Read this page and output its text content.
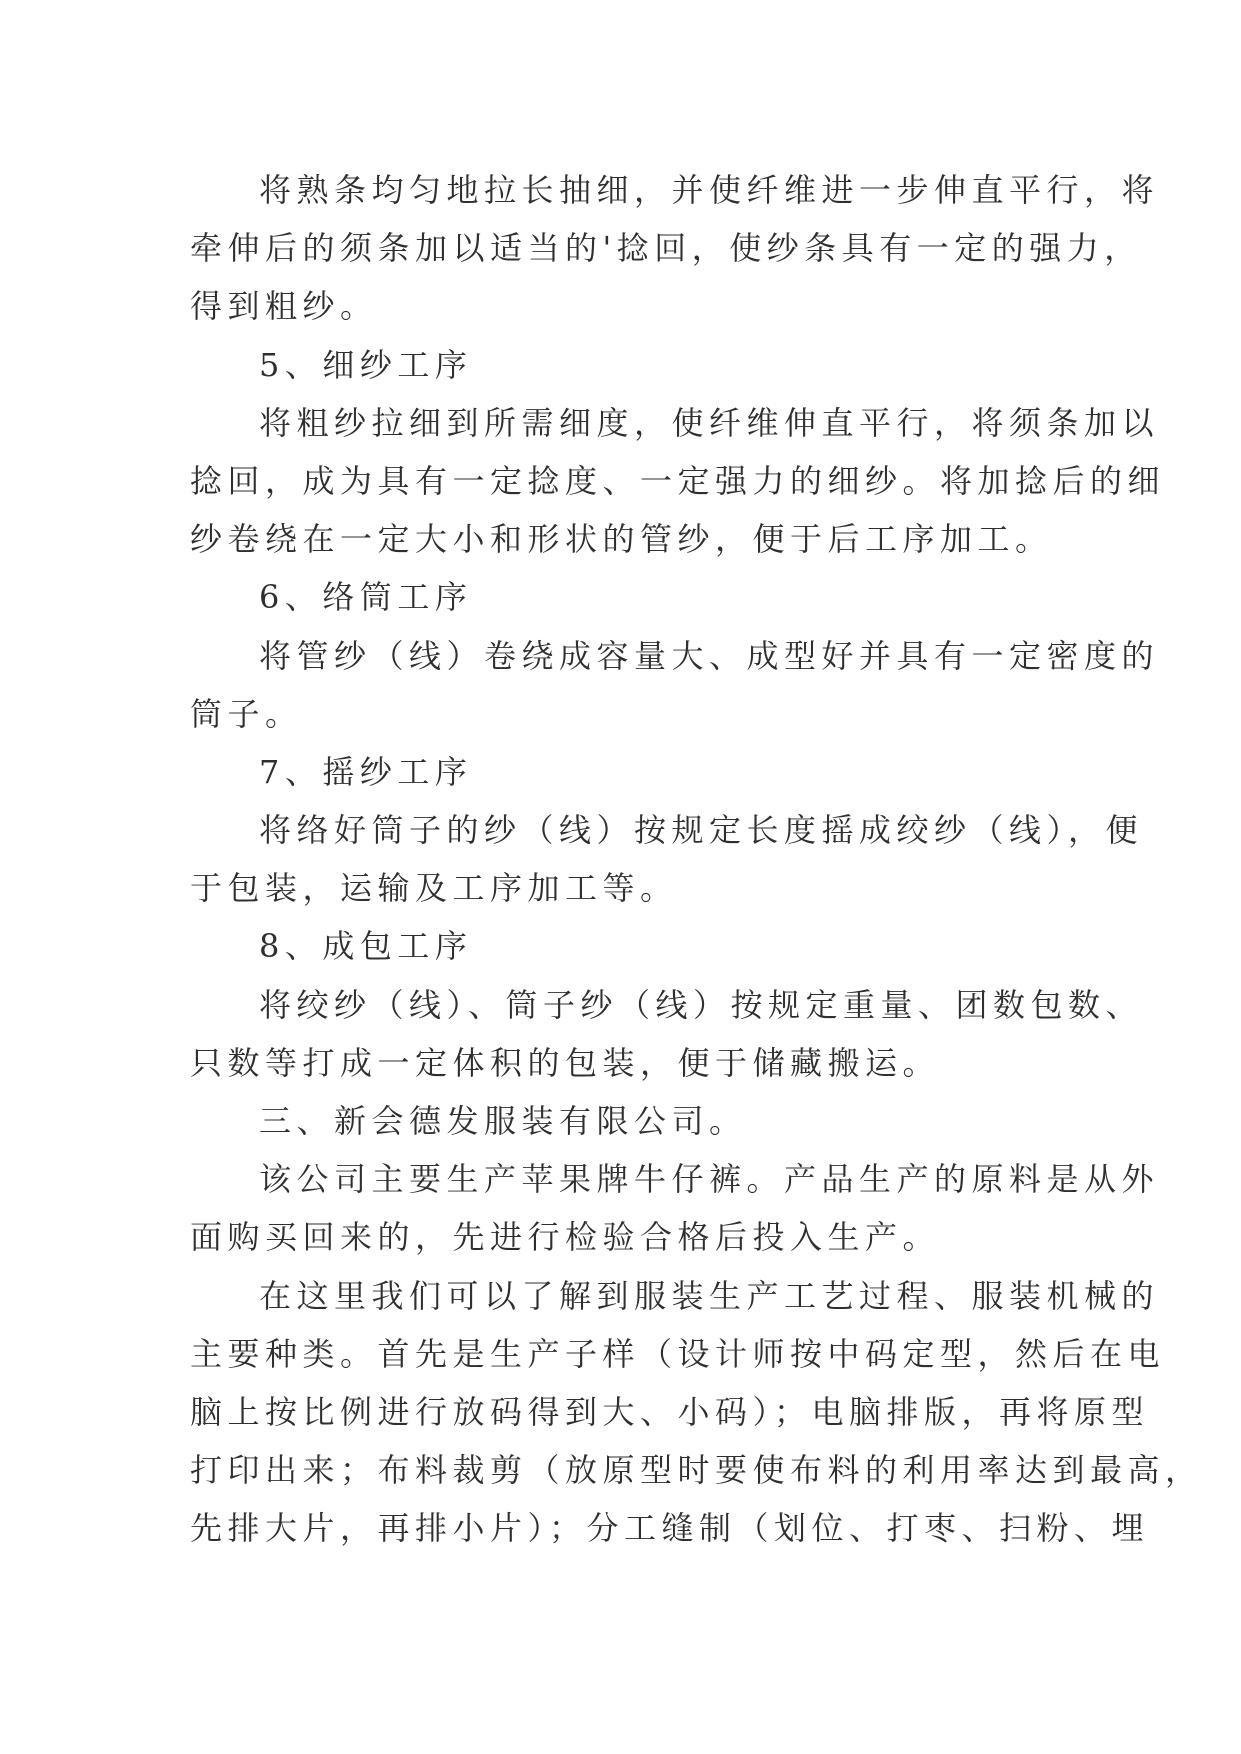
将熟条均匀地拉长抽细，并使纤维进一步伸直平行，将
牵伸后的须条加以适当的'捻回，使纱条具有一定的强力，
得到粗纱。
5、细纱工序
将粗纱拉细到所需细度，使纤维伸直平行，将须条加以
捻回，成为具有一定捻度、一定强力的细纱。将加捻后的细
纱卷绕在一定大小和形状的管纱，便于后工序加工。
6、络筒工序
将管纱（线）卷绕成容量大、成型好并具有一定密度的
筒子。
7、摇纱工序
将络好筒子的纱（线）按规定长度摇成绞纱（线），便
于包装，运输及工序加工等。
8、成包工序
将绞纱（线）、筒子纱（线）按规定重量、团数包数、
只数等打成一定体积的包装，便于储藏搬运。
三、新会德发服装有限公司。
该公司主要生产苹果牌牛仔裤。产品生产的原料是从外
面购买回来的，先进行检验合格后投入生产。
在这里我们可以了解到服装生产工艺过程、服装机械的
主要种类。首先是生产子样（设计师按中码定型，然后在电
脑上按比例进行放码得到大、小码）；电脑排版，再将原型
打印出来；布料裁剪（放原型时要使布料的利用率达到最高，
先排大片，再排小片）；分工缝制（划位、打枣、扫粉、埋
